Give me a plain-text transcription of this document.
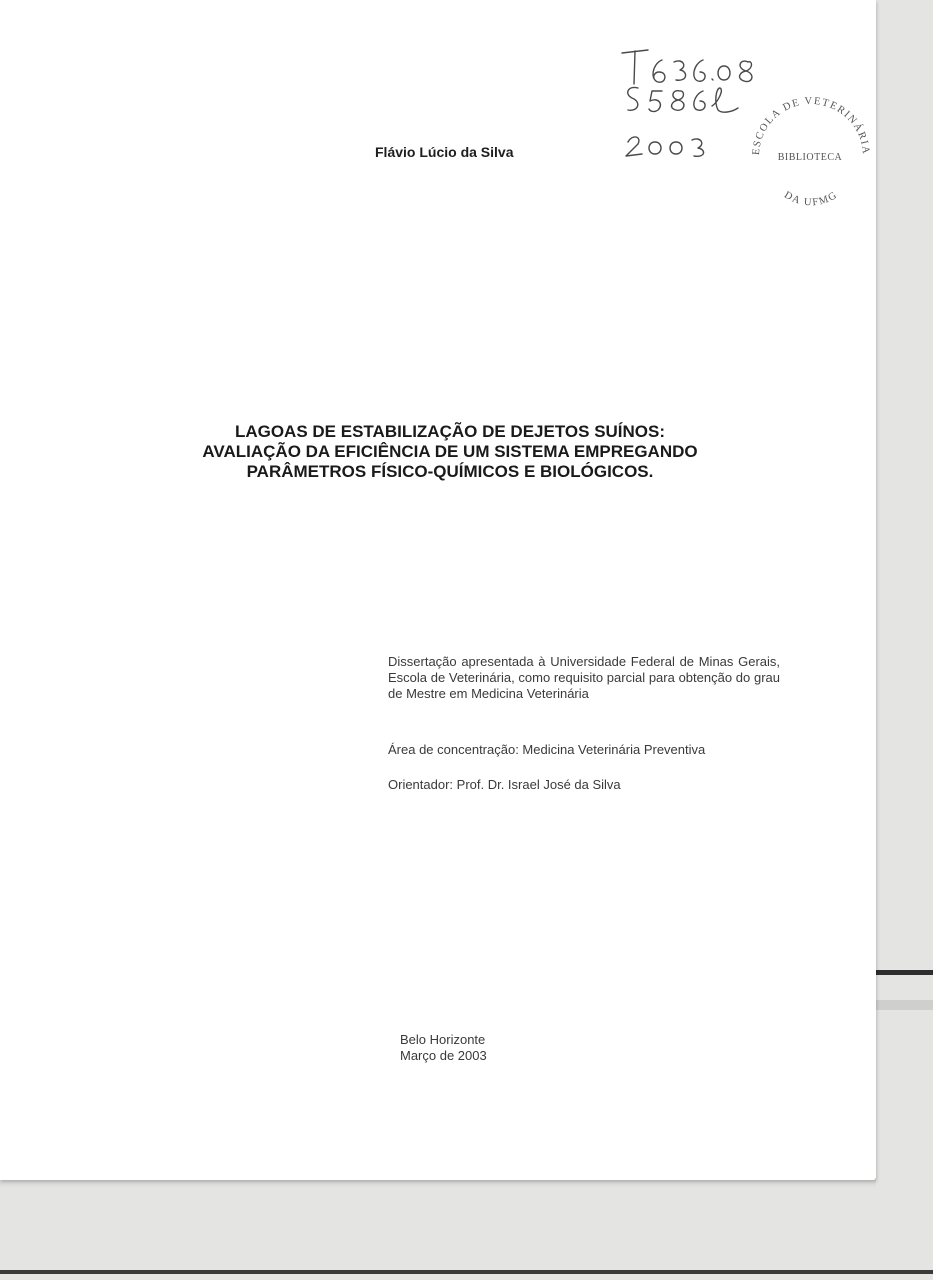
Flávio Lúcio da Silva	ESCOLA DE VETERINÁRIA
BIBLIOTECA
DA UFMG
LAGOAS DE ESTABILIZAÇÃO DE DEJETOS SUÍNOS:
AVALIAÇÃO DA EFICIÊNCIA DE UM SISTEMA EMPREGANDO
PARÂMETROS FÍSICO-QUÍMICOS E BIOLÓGICOS.
Dissertação apresentada à Universidade Federal de Minas Gerais, Escola de Veterinária, como requisito parcial para obtenção do grau de Mestre em Medicina Veterinária
Área de concentração: Medicina Veterinária Preventiva
Orientador: Prof. Dr. Israel José da Silva
Belo Horizonte
Março de 2003
